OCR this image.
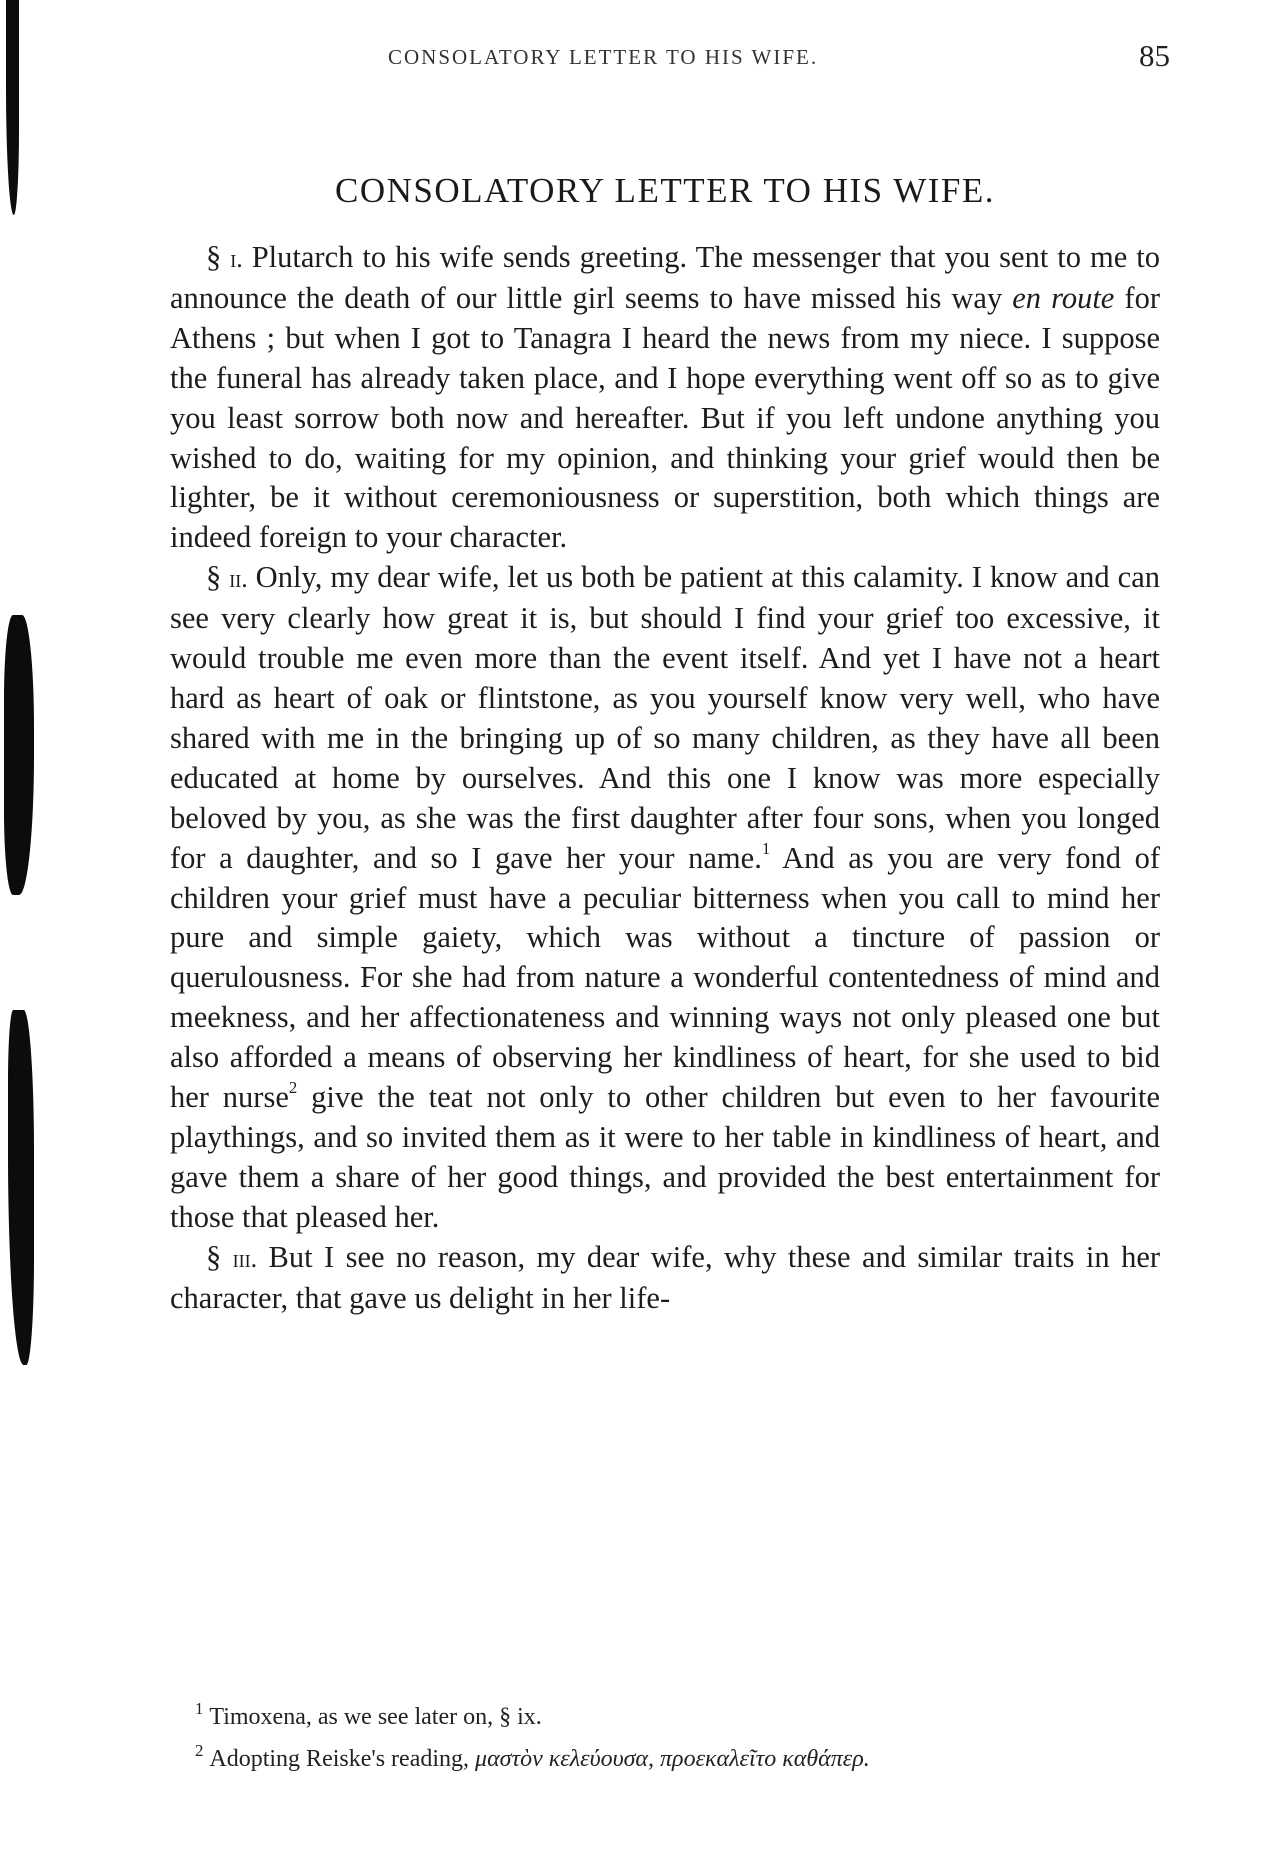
CONSOLATORY LETTER TO HIS WIFE.	85
CONSOLATORY LETTER TO HIS WIFE.

§ i. Plutarch to his wife sends greeting. The messenger that you sent to me to announce the death of our little girl seems to have missed his way en route for Athens ; but when I got to Tanagra I heard the news from my niece. I suppose the funeral has already taken place, and I hope everything went off so as to give you least sorrow both now and hereafter. But if you left undone anything you wished to do, waiting for my opinion, and thinking your grief would then be lighter, be it without ceremoniousness or superstition, both which things are indeed foreign to your character.

§ ii. Only, my dear wife, let us both be patient at this calamity. I know and can see very clearly how great it is, but should I find your grief too excessive, it would trouble me even more than the event itself. And yet I have not a heart hard as heart of oak or flintstone, as you yourself know very well, who have shared with me in the bringing up of so many children, as they have all been educated at home by ourselves. And this one I know was more especially beloved by you, as she was the first daughter after four sons, when you longed for a daughter, and so I gave her your name.$^1$ And as you are very fond of children your grief must have a peculiar bitterness when you call to mind her pure and simple gaiety, which was without a tincture of passion or querulousness. For she had from nature a wonderful contentedness of mind and meekness, and her affectionateness and winning ways not only pleased one but also afforded a means of observing her kindliness of heart, for she used to bid her nurse$^2$ give the teat not only to other children but even to her favourite playthings, and so invited them as it were to her table in kindliness of heart, and gave them a share of her good things, and provided the best entertainment for those that pleased her.

§ iii. But I see no reason, my dear wife, why these and similar traits in her character, that gave us delight in her life-

$^1$ Timoxena, as we see later on, § ix.

$^2$ Adopting Reiske's reading, μαστὸν κελεύουσα, προεκαλεῖτο καθάπερ.
